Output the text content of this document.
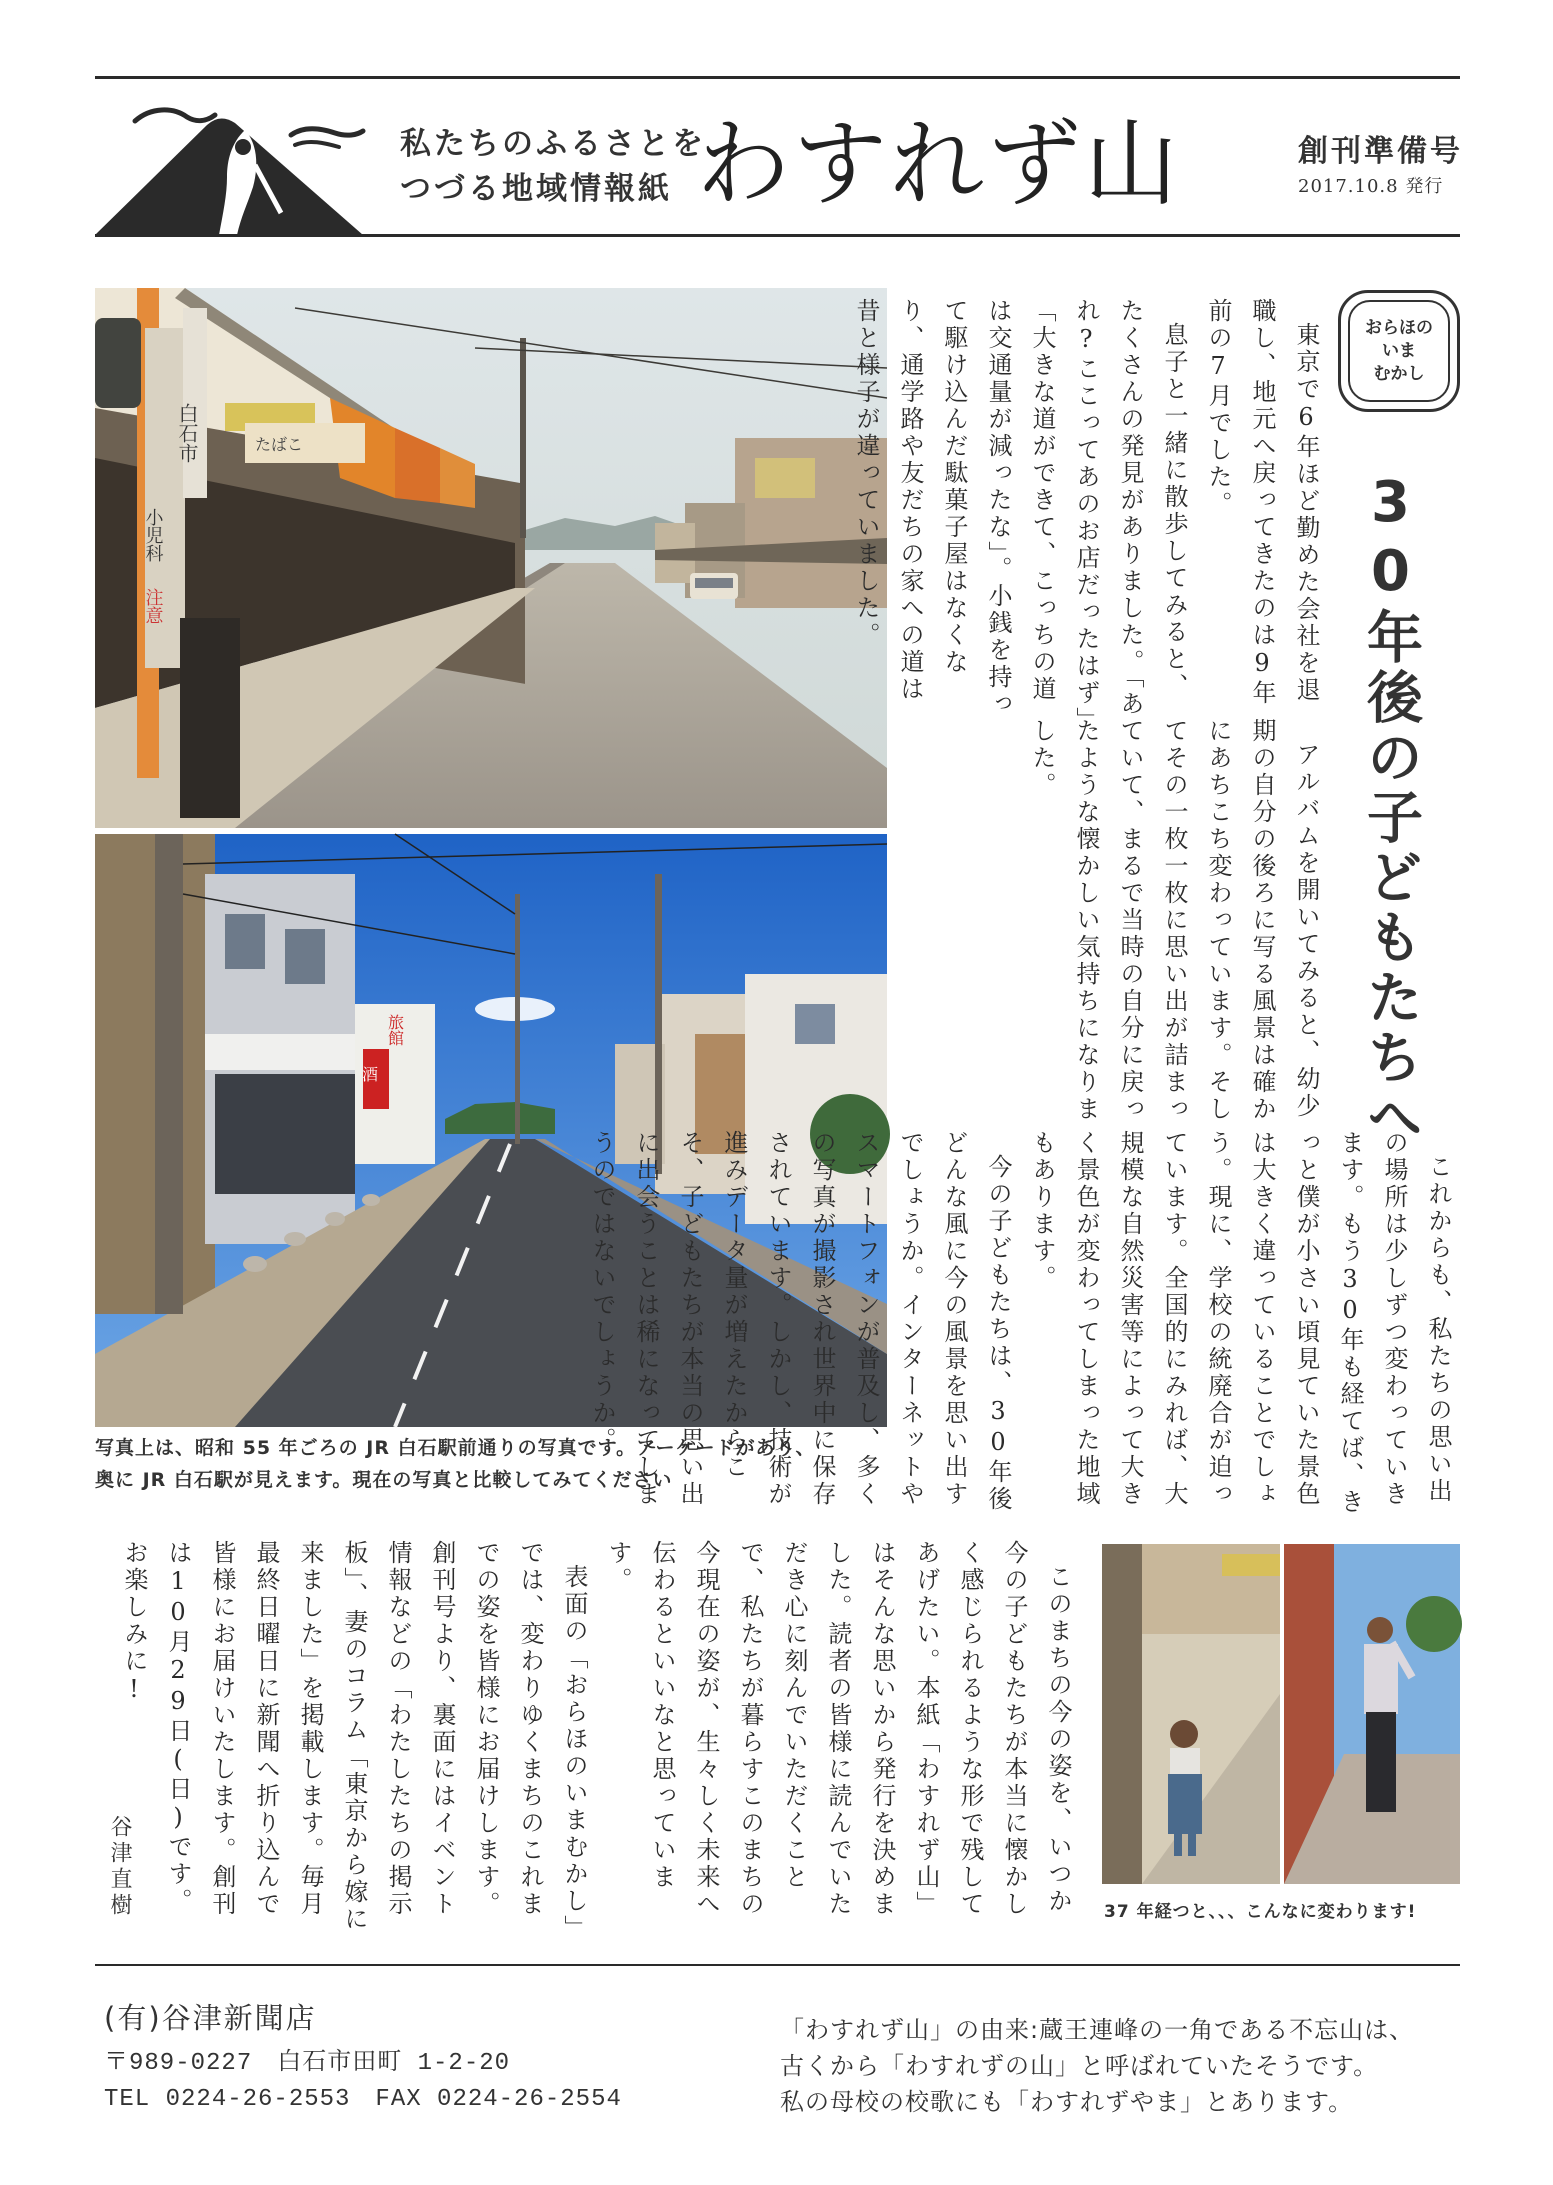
私たちのふるさとを
つづる地域情報紙 わすれず山	創刊準備号
2017.10.8 発行
白石市
小児科
注意
たばこ
旅館
酒
写真上は、昭和 55 年ごろの JR 白石駅前通りの写真です。アーケードがあり、
奥に JR 白石駅が見えます。現在の写真と比較してみてください
おらほの
いま
むかし
30年後の子どもたちへ

東京で6年ほど勤めた会社を退職し、地元へ戻ってきたのは9年前の7月でした。

息子と一緒に散歩してみると、たくさんの発見がありました。「あれ?ここってあのお店だったはず」「大きな道ができて、こっちの道は交通量が減ったな」。小銭を持って駆け込んだ駄菓子屋はなくなり、通学路や友だちの家への道は昔と様子が違っていました。

アルバムを開いてみると、幼少期の自分の後ろに写る風景は確かにあちこち変わっています。そしてその一枚一枚に思い出が詰まっていて、まるで当時の自分に戻ったような懐かしい気持ちになりました。

これからも、私たちの思い出の場所は少しずつ変わっていきます。もう30年も経てば、きっと僕が小さい頃見ていた景色は大きく違っていることでしょう。現に、学校の統廃合が迫っています。全国的にみれば、大規模な自然災害等によって大きく景色が変わってしまった地域もあります。

今の子どもたちは、30年後どんな風に今の風景を思い出すでしょうか。インターネットやスマートフォンが普及し、多くの写真が撮影され世界中に保存されています。しかし、技術が進みデータ量が増えたからこそ、子どもたちが本当の思い出に出会うことは稀になってしまうのではないでしょうか。

このまちの今の姿を、いつか今の子どもたちが本当に懐かしく感じられるような形で残してあげたい。本紙「わすれず山」はそんな思いから発行を決めました。読者の皆様に読んでいただき心に刻んでいただくことで、私たちが暮らすこのまちの今現在の姿が、生々しく未来へ伝わるといいなと思っています。

表面の「おらほのいまむかし」では、変わりゆくまちのこれまでの姿を皆様にお届けします。創刊号より、裏面にはイベント情報などの「わたしたちの掲示板」、妻のコラム「東京から嫁に来ました」を掲載します。毎月最終日曜日に新聞へ折り込んで皆様にお届けいたします。創刊は10月29日(日)です。お楽しみに!

谷津直樹	37 年経つと、、、こんなに変わります!
(有)谷津新聞店
〒989-0227　白石市田町 1-2-20
TEL 0224-26-2553　FAX 0224-26-2554
「わすれず山」の由来:蔵王連峰の一角である不忘山は、
古くから「わすれずの山」と呼ばれていたそうです。
私の母校の校歌にも「わすれずやま」とあります。
